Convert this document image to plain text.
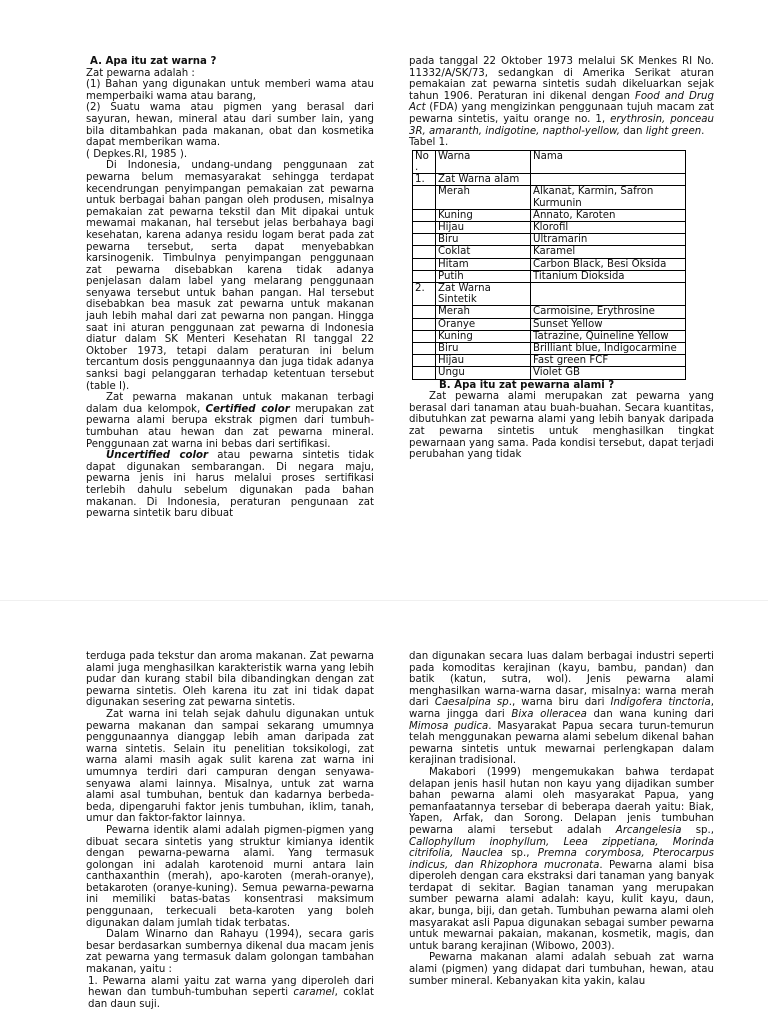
A. Apa itu zat warna ?

Zat pewarna adalah :

(1) Bahan yang digunakan untuk memberi wama atau memperbaiki wama atau barang,

(2) Suatu wama atau pigmen yang berasal dari sayuran, hewan, mineral atau dari sumber lain, yang bila ditambahkan pada makanan, obat dan kosmetika dapat memberikan wama.

( Depkes.RI, 1985 ).

Di Indonesia, undang-undang penggunaan zat pewarna belum memasyarakat sehingga terdapat kecendrungan penyimpangan pemakaian zat pewarna untuk berbagai bahan pangan oleh produsen, misalnya pemakaian zat pewarna tekstil dan Mit dipakai untuk mewamai makanan, hal tersebut jelas berbahaya bagi kesehatan, karena adanya residu logam berat pada zat pewarna tersebut, serta dapat menyebabkan karsinogenik. Timbulnya penyimpangan penggunaan zat pewarna disebabkan karena tidak adanya penjelasan dalam label yang melarang penggunaan senyawa tersebut untuk bahan pangan. Hal tersebut disebabkan bea masuk zat pewarna untuk makanan jauh lebih mahal dari zat pewarna non pangan. Hingga saat ini aturan penggunaan zat pewarna di lndonesia diatur dalam SK Menteri Kesehatan RI tanggal 22 Oktober 1973, tetapi dalam peraturan ini belum tercantum dosis penggunaannya dan juga tidak adanya sanksi bagi pelanggaran terhadap ketentuan tersebut (table I).

Zat pewarna makanan untuk makanan terbagi dalam dua kelompok, Certified color merupakan zat pewarna alami berupa ekstrak pigmen dari tumbuh-tumbuhan atau hewan dan zat pewarna mineral. Penggunaan zat warna ini bebas dari sertifikasi.

Uncertified color atau pewarna sintetis tidak dapat digunakan sembarangan. Di negara maju, pewarna jenis ini harus melalui proses sertifikasi terlebih dahulu sebelum digunakan pada bahan makanan. Di Indonesia, peraturan pengunaan zat pewarna sintetik baru dibuat

pada tanggal 22 Oktober 1973 melalui SK Menkes RI No. 11332/A/SK/73, sedangkan di Amerika Serikat aturan pemakaian zat pewarna sintetis sudah dikeluarkan sejak tahun 1906. Peraturan ini dikenal dengan Food and Drug Act (FDA) yang mengizinkan penggunaan tujuh macam zat pewarna sintetis, yaitu orange no. 1, erythrosin, ponceau 3R, amaranth, indigotine, napthol-yellow, dan light green.

Tabel 1.

No .	Warna	Nama
1.	Zat Warna alam	
	Merah	Alkanat, Karmin, Safron Kurmunin
	Kuning	Annato, Karoten
	Hijau	Klorofil
	Biru	Ultramarin
	Coklat	Karamel
	Hitam	Carbon Black, Besi Oksida
	Putih	Titanium Dioksida
2.	Zat Warna Sintetik	
	Merah	Carmoisine, Erythrosine
	Oranye	Sunset Yellow
	Kuning	Tatrazine, Quineline Yellow
	Biru	Brilliant blue, Indigocarmine
	Hijau	Fast green FCF
	Ungu	Violet GB

B. Apa itu zat pewarna alami ?

Zat pewarna alami merupakan zat pewarna yang berasal dari tanaman atau buah-buahan. Secara kuantitas, dibutuhkan zat pewarna alami yang lebih banyak daripada zat pewarna sintetis untuk menghasilkan tingkat pewarnaan yang sama. Pada kondisi tersebut, dapat terjadi perubahan yang tidak

terduga pada tekstur dan aroma makanan. Zat pewarna alami juga menghasilkan karakteristik warna yang lebih pudar dan kurang stabil bila dibandingkan dengan zat pewarna sintetis. Oleh karena itu zat ini tidak dapat digunakan sesering zat pewarna sintetis.

Zat warna ini telah sejak dahulu digunakan untuk pewarna makanan dan sampai sekarang umumnya penggunaannya dianggap lebih aman daripada zat warna sintetis. Selain itu penelitian toksikologi, zat warna alami masih agak sulit karena zat warna ini umumnya terdiri dari campuran dengan senyawa-senyawa alami lainnya. Misalnya, untuk zat warna alami asal tumbuhan, bentuk dan kadarnya berbeda-beda, dipengaruhi faktor jenis tumbuhan, iklim, tanah, umur dan faktor-faktor lainnya.

Pewarna identik alami adalah pigmen-pigmen yang dibuat secara sintetis yang struktur kimianya identik dengan pewarna-pewarna alami. Yang termasuk golongan ini adalah karotenoid murni antara lain canthaxanthin (merah), apo-karoten (merah-oranye), betakaroten (oranye-kuning). Semua pewarna-pewarna ini memiliki batas-batas konsentrasi maksimum penggunaan, terkecuali beta-karoten yang boleh digunakan dalam jumlah tidak terbatas.

Dalam Winarno dan Rahayu (1994), secara garis besar berdasarkan sumbernya dikenal dua macam jenis zat pewarna yang termasuk dalam golongan tambahan makanan, yaitu :

1. Pewarna alami yaitu zat warna yang diperoleh dari hewan dan tumbuh-tumbuhan seperti caramel, coklat dan daun suji.

dan digunakan secara luas dalam berbagai industri seperti pada komoditas kerajinan (kayu, bambu, pandan) dan batik (katun, sutra, wol). Jenis pewarna alami menghasilkan warna-warna dasar, misalnya: warna merah dari Caesalpina sp., warna biru dari Indigofera tinctoria, warna jingga dari Bixa olleracea dan wana kuning dari Mimosa pudica. Masyarakat Papua secara turun-temurun telah menggunakan pewarna alami sebelum dikenal bahan pewarna sintetis untuk mewarnai perlengkapan dalam kerajinan tradisional.

Makabori (1999) mengemukakan bahwa terdapat delapan jenis hasil hutan non kayu yang dijadikan sumber bahan pewarna alami oleh masyarakat Papua, yang pemanfaatannya tersebar di beberapa daerah yaitu: Biak, Yapen, Arfak, dan Sorong. Delapan jenis tumbuhan pewarna alami tersebut adalah Arcangelesia sp., Callophyllum inophyllum, Leea zippetiana, Morinda citrifolia, Nauclea sp., Premna corymbosa, Pterocarpus indicus, dan Rhizophora mucronata. Pewarna alami bisa diperoleh dengan cara ekstraksi dari tanaman yang banyak terdapat di sekitar. Bagian tanaman yang merupakan sumber pewarna alami adalah: kayu, kulit kayu, daun, akar, bunga, biji, dan getah. Tumbuhan pewarna alami oleh masyarakat asli Papua digunakan sebagai sumber pewarna untuk mewarnai pakaian, makanan, kosmetik, magis, dan untuk barang kerajinan (Wibowo, 2003).

Pewarna makanan alami adalah sebuah zat warna alami (pigmen) yang didapat dari tumbuhan, hewan, atau sumber mineral. Kebanyakan kita yakin, kalau
